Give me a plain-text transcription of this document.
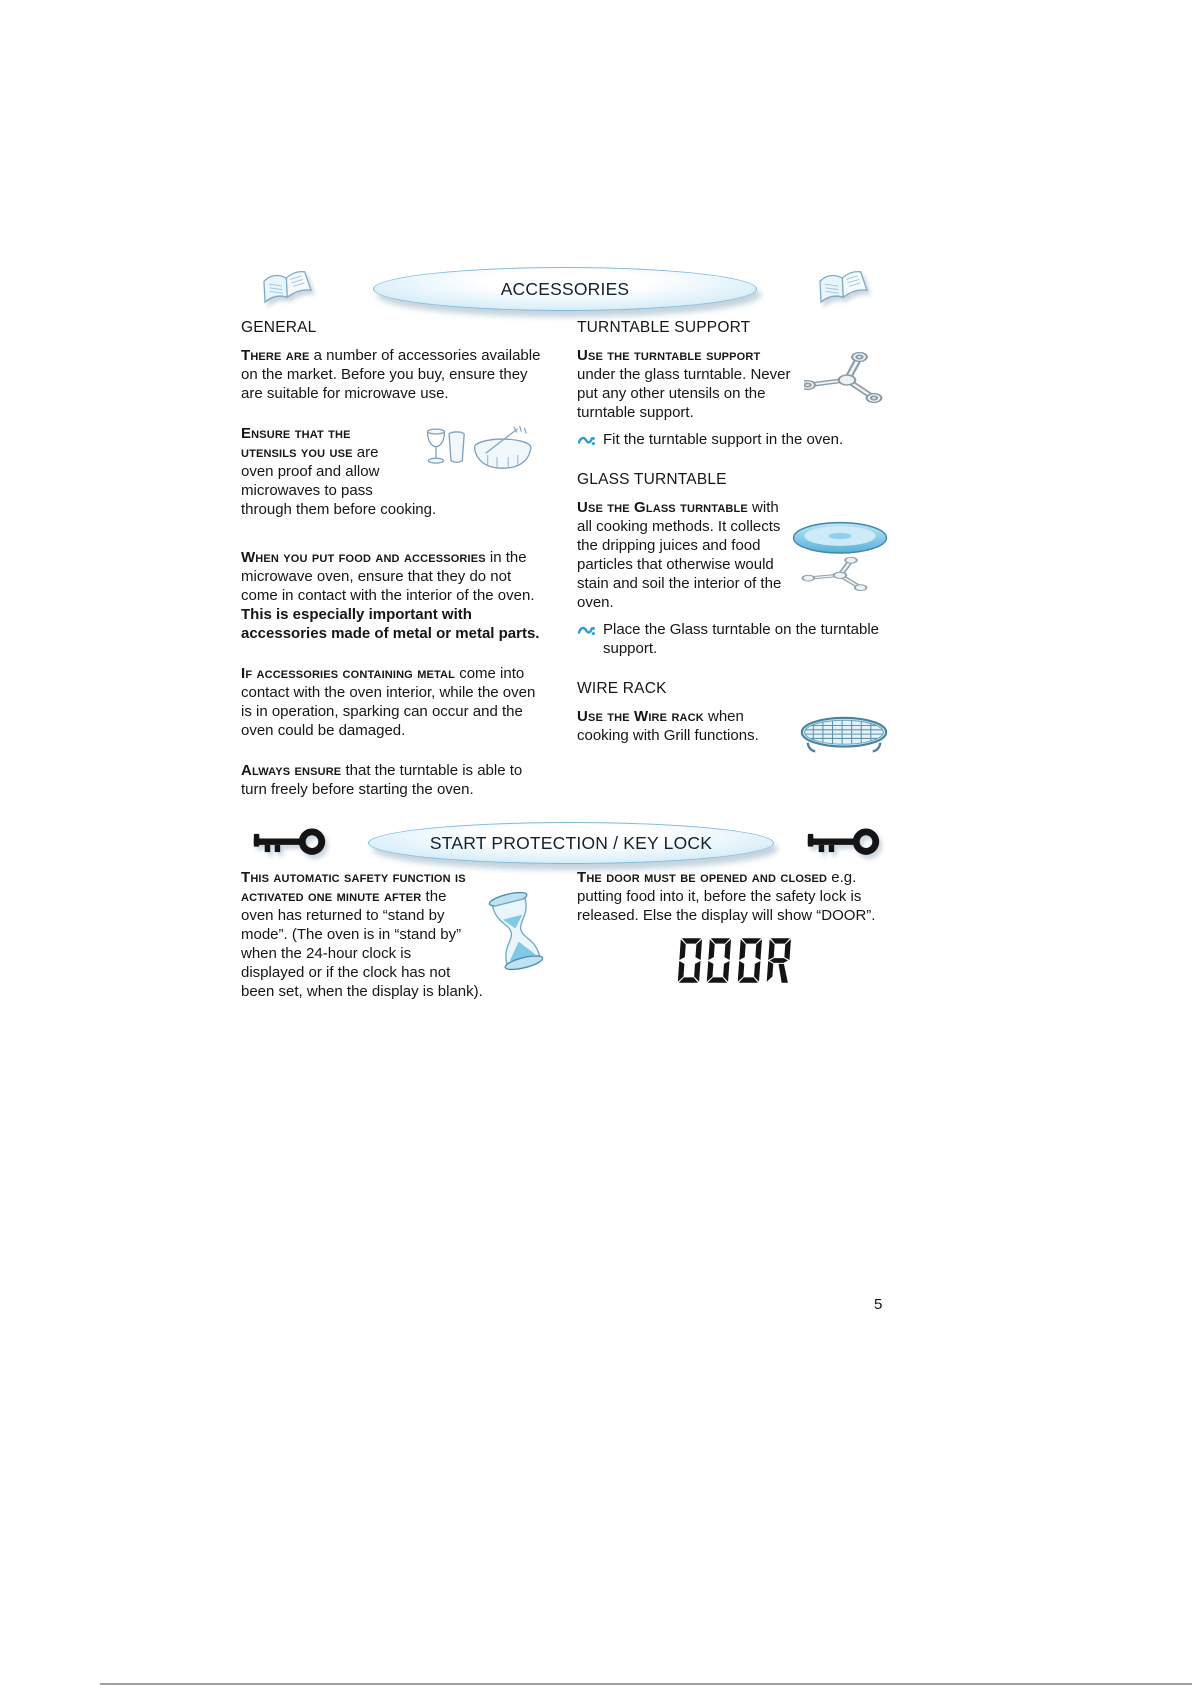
ACCESSORIES
GENERAL

There are a number of accessories available on the market. Before you buy, ensure they are suitable for microwave use.

Ensure that the utensils you use are oven proof and allow microwaves to pass through them before cooking.

When you put food and accessories in the microwave oven, ensure that they do not come in contact with the interior of the oven. This is especially important with accessories made of metal or metal parts.

If accessories containing metal come into contact with the oven interior, while the oven is in operation, sparking can occur and the oven could be damaged.

Always ensure that the turntable is able to turn freely before starting the oven.

TURNTABLE SUPPORT

Use the turntable support under the glass turntable. Never put any other utensils on the turntable support.

Fit the turntable support in the oven.
GLASS TURNTABLE

Use the Glass turntable with all cooking methods. It collects the dripping juices and food particles that otherwise would stain and soil the interior of the oven.

Place the Glass turntable on the turntable support.
WIRE RACK

Use the Wire rack when cooking with Grill functions.

START PROTECTION / KEY LOCK

This automatic safety function is activated one minute after the oven has returned to “stand by mode”. (The oven is in “stand by” when the 24-hour clock is displayed or if the clock has not been set, when the display is blank).

The door must be opened and closed e.g. putting food into it, before the safety lock is released. Else the display will show “DOOR”.

5
